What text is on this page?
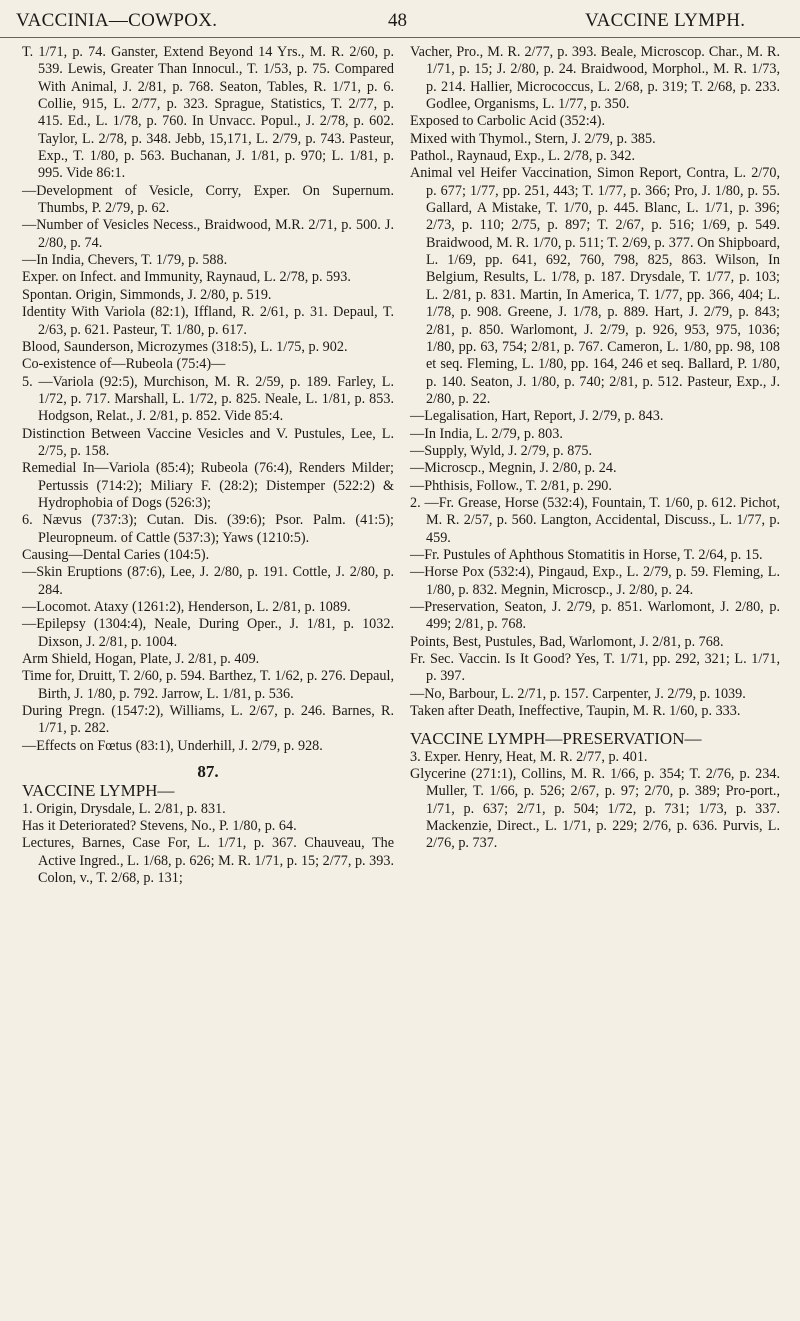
VACCINIA—COWPOX.	48	VACCINE LYMPH.

T. 1/71, p. 74. Ganster, Extend Beyond 14 Yrs., M. R. 2/60, p. 539. Lewis, Greater Than Innocul., T. 1/53, p. 75. Compared With Animal, J. 2/81, p. 768. Seaton, Tables, R. 1/71, p. 6. Collie, 915, L. 2/77, p. 323. Sprague, Statistics, T. 2/77, p. 415. Ed., L. 1/78, p. 760. In Unvacc. Popul., J. 2/78, p. 602. Taylor, L. 2/78, p. 348. Jebb, 15,171, L. 2/79, p. 743. Pasteur, Exp., T. 1/80, p. 563. Buchanan, J. 1/81, p. 970; L. 1/81, p. 995. Vide 86:1.

—Development of Vesicle, Corry, Exper. On Supernum. Thumbs, P. 2/79, p. 62.

—Number of Vesicles Necess., Braidwood, M.R. 2/71, p. 500. J. 2/80, p. 74.

—In India, Chevers, T. 1/79, p. 588.

Exper. on Infect. and Immunity, Raynaud, L. 2/78, p. 593.

Spontan. Origin, Simmonds, J. 2/80, p. 519.

Identity With Variola (82:1), Iffland, R. 2/61, p. 31. Depaul, T. 2/63, p. 621. Pasteur, T. 1/80, p. 617.

Blood, Saunderson, Microzymes (318:5), L. 1/75, p. 902.

Co-existence of—Rubeola (75:4)—

5. —Variola (92:5), Murchison, M. R. 2/59, p. 189. Farley, L. 1/72, p. 717. Marshall, L. 1/72, p. 825. Neale, L. 1/81, p. 853. Hodgson, Relat., J. 2/81, p. 852. Vide 85:4.

Distinction Between Vaccine Vesicles and V. Pustules, Lee, L. 2/75, p. 158.

Remedial In—Variola (85:4); Rubeola (76:4), Renders Milder; Pertussis (714:2); Miliary F. (28:2); Distemper (522:2) & Hydrophobia of Dogs (526:3);

6. Nævus (737:3); Cutan. Dis. (39:6); Psor. Palm. (41:5); Pleuropneum. of Cattle (537:3); Yaws (1210:5).

Causing—Dental Caries (104:5).

—Skin Eruptions (87:6), Lee, J. 2/80, p. 191. Cottle, J. 2/80, p. 284.

—Locomot. Ataxy (1261:2), Henderson, L. 2/81, p. 1089.

—Epilepsy (1304:4), Neale, During Oper., J. 1/81, p. 1032. Dixson, J. 2/81, p. 1004.

Arm Shield, Hogan, Plate, J. 2/81, p. 409.

Time for, Druitt, T. 2/60, p. 594. Barthez, T. 1/62, p. 276. Depaul, Birth, J. 1/80, p. 792. Jarrow, L. 1/81, p. 536.

During Pregn. (1547:2), Williams, L. 2/67, p. 246. Barnes, R. 1/71, p. 282.

—Effects on Fœtus (83:1), Underhill, J. 2/79, p. 928.

87.
VACCINE LYMPH—

1. Origin, Drysdale, L. 2/81, p. 831.

Has it Deteriorated? Stevens, No., P. 1/80, p. 64.

Lectures, Barnes, Case For, L. 1/71, p. 367. Chauveau, The Active Ingred., L. 1/68, p. 626; M. R. 1/71, p. 15; 2/77, p. 393. Colon, v., T. 2/68, p. 131;

Vacher, Pro., M. R. 2/77, p. 393. Beale, Microscop. Char., M. R. 1/71, p. 15; J. 2/80, p. 24. Braidwood, Morphol., M. R. 1/73, p. 214. Hallier, Micrococcus, L. 2/68, p. 319; T. 2/68, p. 233. Godlee, Organisms, L. 1/77, p. 350.

Exposed to Carbolic Acid (352:4).

Mixed with Thymol., Stern, J. 2/79, p. 385.

Pathol., Raynaud, Exp., L. 2/78, p. 342.

Animal vel Heifer Vaccination, Simon Report, Contra, L. 2/70, p. 677; 1/77, pp. 251, 443; T. 1/77, p. 366; Pro, J. 1/80, p. 55. Gallard, A Mistake, T. 1/70, p. 445. Blanc, L. 1/71, p. 396; 2/73, p. 110; 2/75, p. 897; T. 2/67, p. 516; 1/69, p. 549. Braidwood, M. R. 1/70, p. 511; T. 2/69, p. 377. On Shipboard, L. 1/69, pp. 641, 692, 760, 798, 825, 863. Wilson, In Belgium, Results, L. 1/78, p. 187. Drysdale, T. 1/77, p. 103; L. 2/81, p. 831. Martin, In America, T. 1/77, pp. 366, 404; L. 1/78, p. 908. Greene, J. 1/78, p. 889. Hart, J. 2/79, p. 843; 2/81, p. 850. Warlomont, J. 2/79, p. 926, 953, 975, 1036; 1/80, pp. 63, 754; 2/81, p. 767. Cameron, L. 1/80, pp. 98, 108 et seq. Fleming, L. 1/80, pp. 164, 246 et seq. Ballard, P. 1/80, p. 140. Seaton, J. 1/80, p. 740; 2/81, p. 512. Pasteur, Exp., J. 2/80, p. 22.

—Legalisation, Hart, Report, J. 2/79, p. 843.

—In India, L. 2/79, p. 803.

—Supply, Wyld, J. 2/79, p. 875.

—Microscp., Megnin, J. 2/80, p. 24.

—Phthisis, Follow., T. 2/81, p. 290.

2. —Fr. Grease, Horse (532:4), Fountain, T. 1/60, p. 612. Pichot, M. R. 2/57, p. 560. Langton, Accidental, Discuss., L. 1/77, p. 459.

—Fr. Pustules of Aphthous Stomatitis in Horse, T. 2/64, p. 15.

—Horse Pox (532:4), Pingaud, Exp., L. 2/79, p. 59. Fleming, L. 1/80, p. 832. Megnin, Microscp., J. 2/80, p. 24.

—Preservation, Seaton, J. 2/79, p. 851. Warlomont, J. 2/80, p. 499; 2/81, p. 768.

Points, Best, Pustules, Bad, Warlomont, J. 2/81, p. 768.

Fr. Sec. Vaccin. Is It Good? Yes, T. 1/71, pp. 292, 321; L. 1/71, p. 397.

—No, Barbour, L. 2/71, p. 157. Carpenter, J. 2/79, p. 1039.

Taken after Death, Ineffective, Taupin, M. R. 1/60, p. 333.

VACCINE LYMPH—PRESERVATION—

3. Exper. Henry, Heat, M. R. 2/77, p. 401.

Glycerine (271:1), Collins, M. R. 1/66, p. 354; T. 2/76, p. 234. Muller, T. 1/66, p. 526; 2/67, p. 97; 2/70, p. 389; Pro-port., 1/71, p. 637; 2/71, p. 504; 1/72, p. 731; 1/73, p. 337. Mackenzie, Direct., L. 1/71, p. 229; 2/76, p. 636. Purvis, L. 2/76, p. 737.
